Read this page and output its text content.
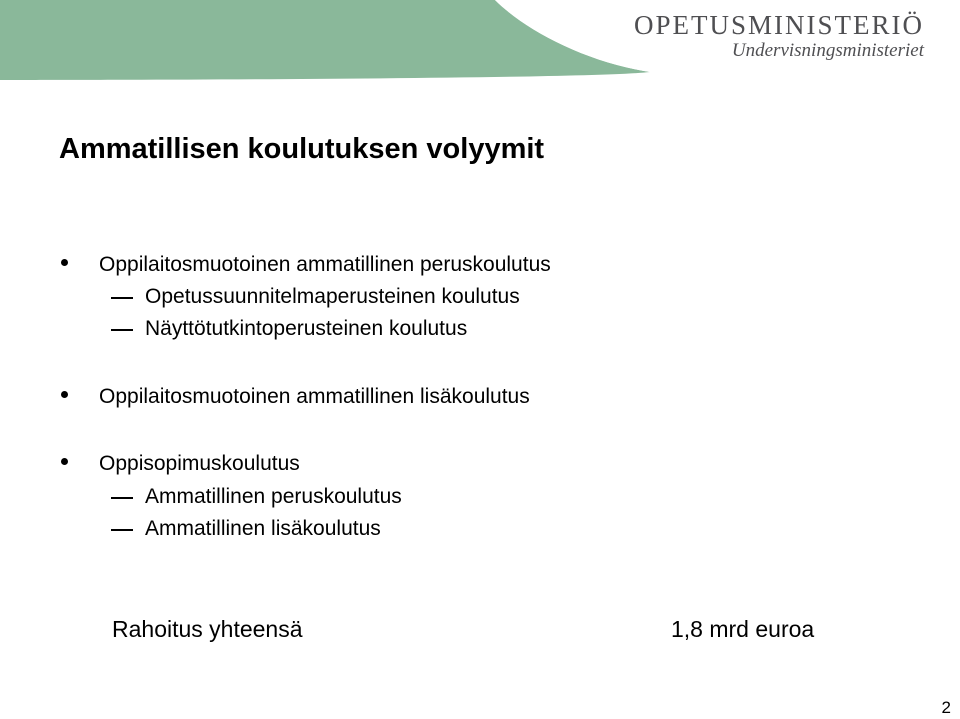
OPETUSMINISTERIÖ
Undervisningsministeriet
Ammatillisen koulutuksen volyymit
Oppilaitosmuotoinen ammatillinen peruskoulutus
Opetussuunnitelmaperusteinen koulutus
Näyttötutkintoperusteinen koulutus
Oppilaitosmuotoinen ammatillinen lisäkoulutus
Oppisopimuskoulutus
Ammatillinen peruskoulutus
Ammatillinen lisäkoulutus
Rahoitus yhteensä	1,8 mrd euroa
2
